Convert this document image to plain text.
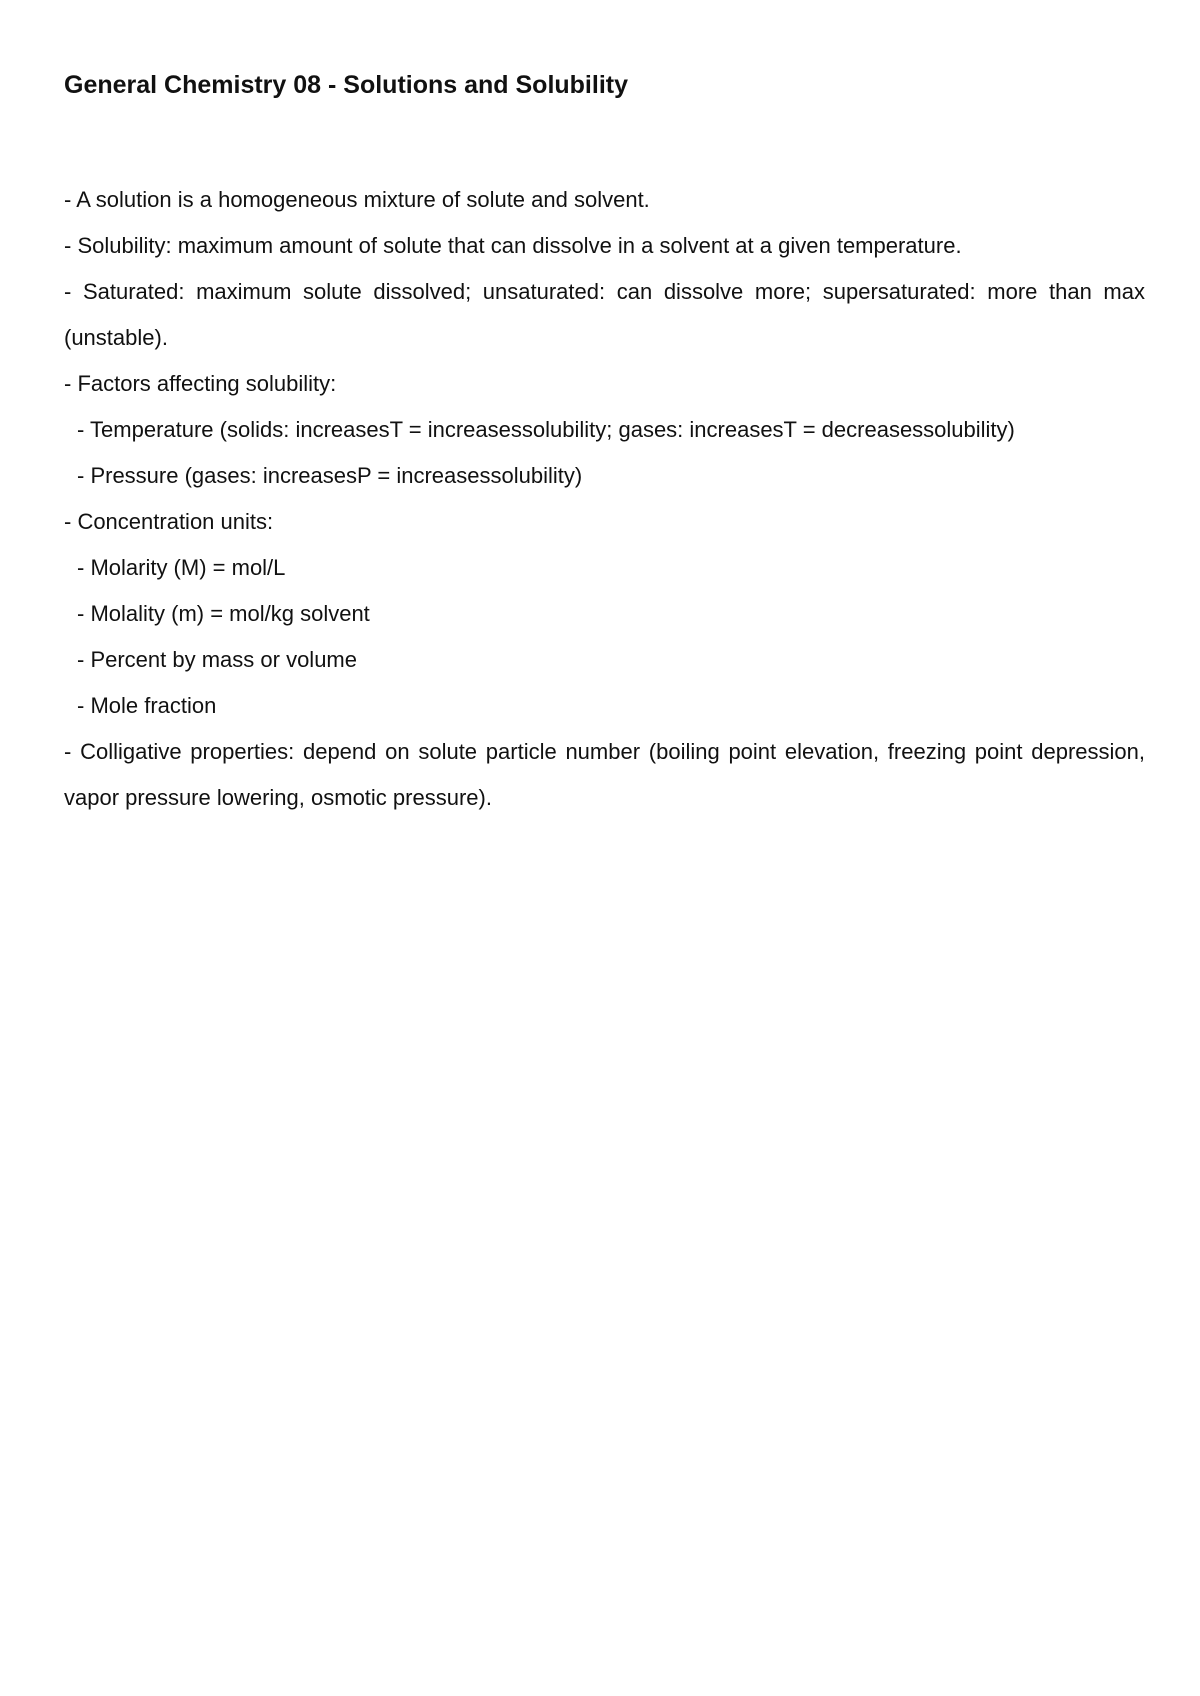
General Chemistry 08 - Solutions and Solubility

- A solution is a homogeneous mixture of solute and solvent.

- Solubility: maximum amount of solute that can dissolve in a solvent at a given temperature.

- Saturated: maximum solute dissolved; unsaturated: can dissolve more; supersaturated: more than max (unstable).

- Factors affecting solubility:

- Temperature (solids: increasesT = increasessolubility; gases: increasesT = decreasessolubility)

- Pressure (gases: increasesP = increasessolubility)

- Concentration units:

- Molarity (M) = mol/L

- Molality (m) = mol/kg solvent

- Percent by mass or volume

- Mole fraction

- Colligative properties: depend on solute particle number (boiling point elevation, freezing point depression, vapor pressure lowering, osmotic pressure).
